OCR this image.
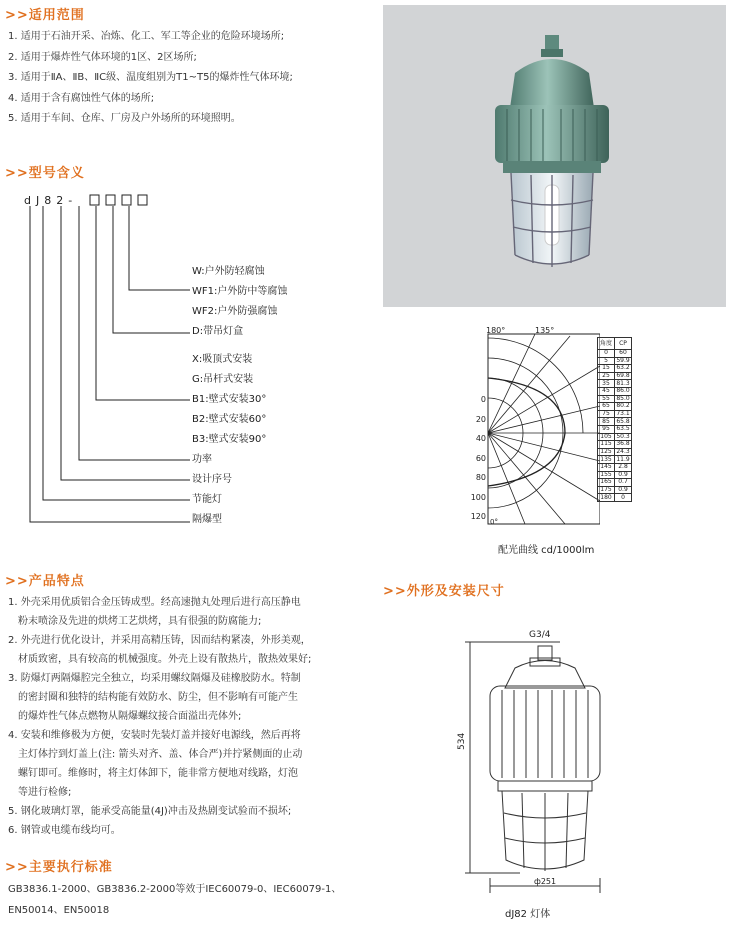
>>适用范围
1. 适用于石油开采、冶炼、化工、军工等企业的危险环境场所;
2. 适用于爆炸性气体环境的1区、2区场所;
3. 适用于ⅡA、ⅡB、ⅡC级、温度组别为T1~T5的爆炸性气体环境;
4. 适用于含有腐蚀性气体的场所;
5. 适用于车间、仓库、厂房及户外场所的环境照明。
>>型号含义
dJ82-
W:户外防轻腐蚀
WF1:户外防中等腐蚀
WF2:户外防强腐蚀
D:带吊灯盒
X:吸顶式安装
G:吊杆式安装
B1:壁式安装30°
B2:壁式安装60°
B3:壁式安装90°
功率
设计序号
节能灯
隔爆型
180°	135°
0
20
40
60
80
100
120
0°
角度	CP
0	60
5	59.9
15	63.2
25	69.8
35	81.3
45	86.0
55	85.0
65	80.2
75	73.1
85	65.8
95	63.5
105	50.3
115	36.8
125	24.3
135	11.9
145	2.8
155	0.9
165	0.7
175	0.9
180	0
配光曲线 cd/1000lm
>>产品特点
1. 外壳采用优质铝合金压铸成型。经高速抛丸处理后进行高压静电
粉末喷涂及先进的烘烤工艺烘烤，具有很强的防腐能力;
2. 外壳进行优化设计，并采用高精压铸，因而结构紧凑，外形美观，
材质致密，具有较高的机械强度。外壳上设有散热片，散热效果好;
3. 防爆灯两隔爆腔完全独立，均采用螺纹隔爆及硅橡胶防水。特制
的密封圈和独特的结构能有效防水、防尘，但不影响有可能产生
的爆炸性气体点燃物从隔爆螺纹接合面溢出壳体外;
4. 安装和维修极为方便，安装时先装灯盖并接好电源线，然后再将
主灯体拧到灯盖上(注: 箭头对齐、盖、体合严)并拧紧侧面的止动
螺钉即可。维修时，将主灯体卸下，能非常方便地对线路，灯泡
等进行检修;
5. 钢化玻璃灯罩，能承受高能量(4J)冲击及热剧变试验而不损坏;
6. 钢管或电缆布线均可。
>>主要执行标准
GB3836.1-2000、GB3836.2-2000等效于IEC60079-0、IEC60079-1、
EN50014、EN50018
>>外形及安装尺寸
G3/4
534
ф251
dJ82 灯体
